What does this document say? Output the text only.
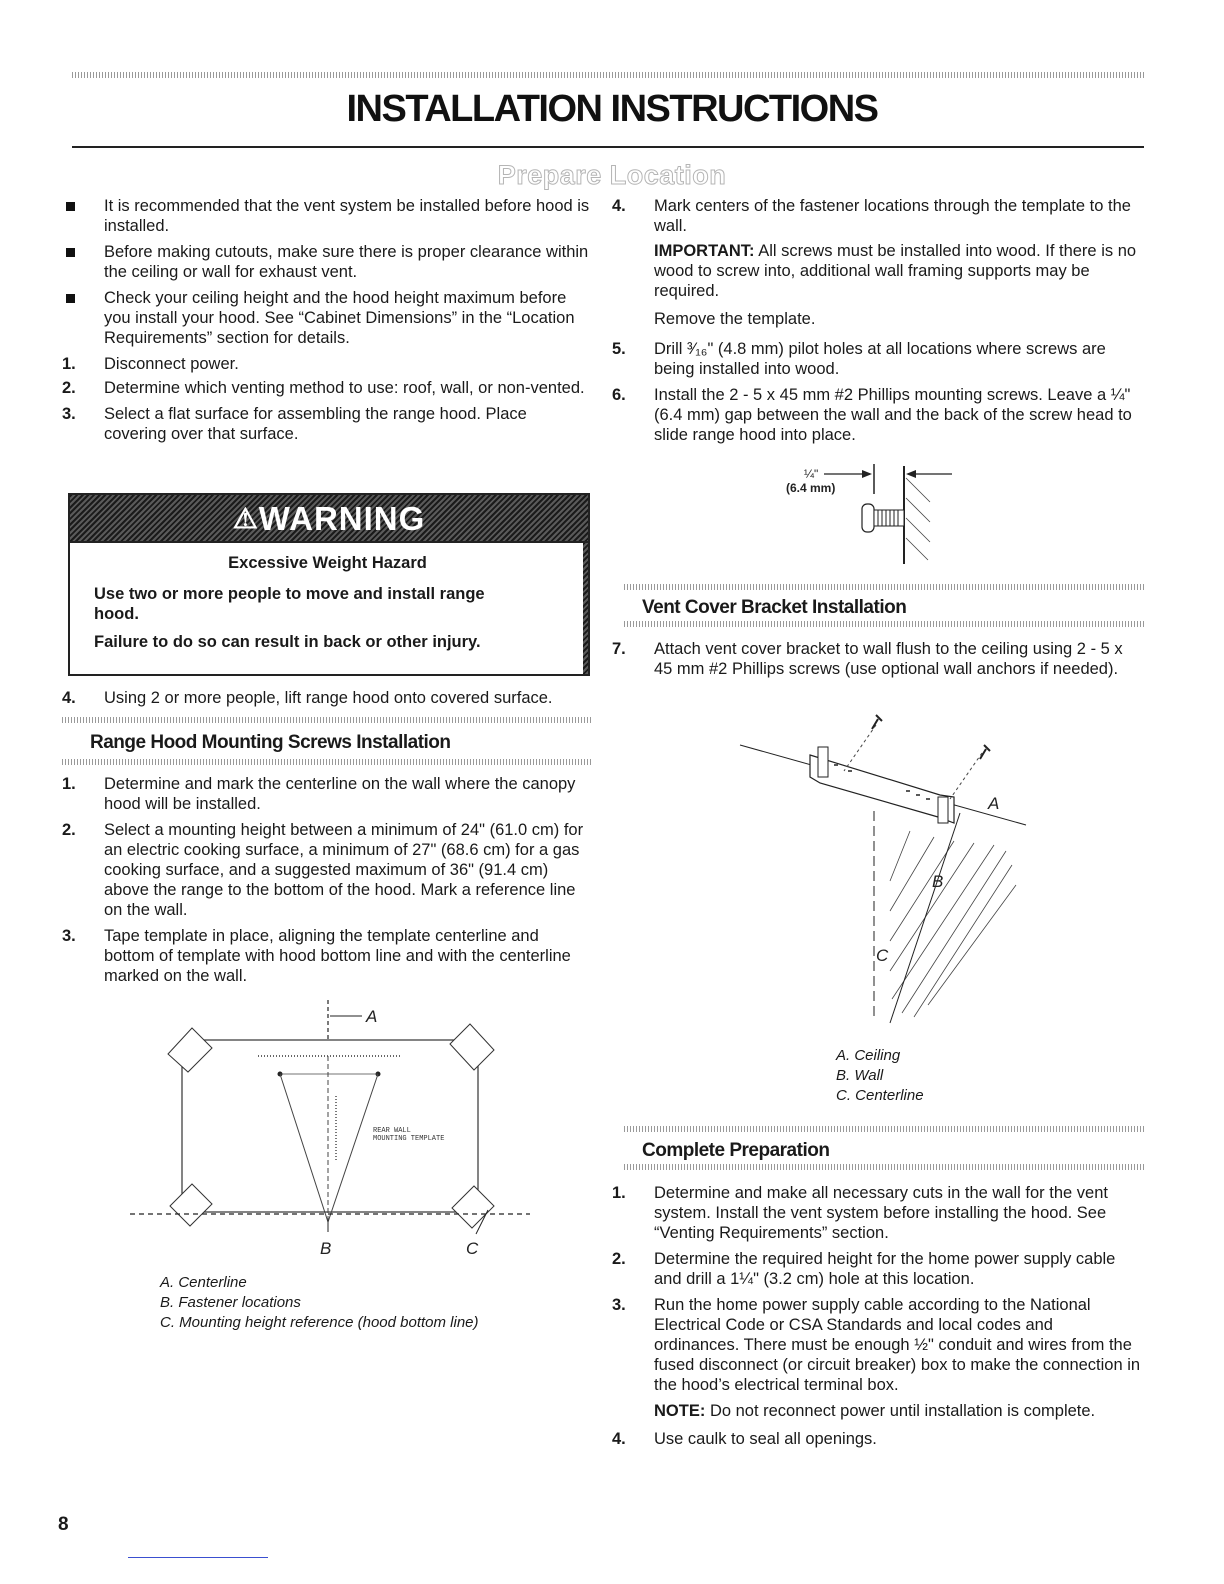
INSTALLATION INSTRUCTIONS
Prepare Location
It is recommended that the vent system be installed before hood is installed.
Before making cutouts, make sure there is proper clearance within the ceiling or wall for exhaust vent.
Check your ceiling height and the hood height maximum before you install your hood. See “Cabinet Dimensions” in the “Location Requirements” section for details.
1.	Disconnect power.
2.	Determine which venting method to use: roof, wall, or non-vented.
3.	Select a flat surface for assembling the range hood. Place covering over that surface.
⚠WARNING
Excessive Weight Hazard

Use two or more people to move and install range hood.

Failure to do so can result in back or other injury.

4.	Using 2 or more people, lift range hood onto covered surface.
Range Hood Mounting Screws Installation
1.	Determine and mark the centerline on the wall where the canopy hood will be installed.
2.	Select a mounting height between a minimum of 24" (61.0 cm) for an electric cooking surface, a minimum of 27" (68.6 cm) for a gas cooking surface, and a suggested maximum of 36" (91.4 cm) above the range to the bottom of the hood. Mark a reference line on the wall.
3.	Tape template in place, aligning the template centerline and bottom of template with hood bottom line and with the centerline marked on the wall.
A
REAR WALL
MOUNTING TEMPLATE
B	C
A. Centerline
B. Fastener locations
C. Mounting height reference (hood bottom line)
4.	Mark centers of the fastener locations through the template to the wall.
IMPORTANT: All screws must be installed into wood. If there is no wood to screw into, additional wall framing supports may be required.
Remove the template.
5.	Drill ³⁄₁₆" (4.8 mm) pilot holes at all locations where screws are being installed into wood.
6.	Install the 2 - 5 x 45 mm #2 Phillips mounting screws. Leave a ¼" (6.4 mm) gap between the wall and the back of the screw head to slide range hood into place.
¼"
(6.4 mm)
Vent Cover Bracket Installation
7.	Attach vent cover bracket to wall flush to the ceiling using 2 - 5 x 45 mm #2 Phillips screws (use optional wall anchors if needed).
A
B
C
A. Ceiling
B. Wall
C. Centerline
Complete Preparation
1.	Determine and make all necessary cuts in the wall for the vent system. Install the vent system before installing the hood. See “Venting Requirements” section.
2.	Determine the required height for the home power supply cable and drill a 1¼" (3.2 cm) hole at this location.
3.	Run the home power supply cable according to the National Electrical Code or CSA Standards and local codes and ordinances. There must be enough ½" conduit and wires from the fused disconnect (or circuit breaker) box to make the connection in the hood’s electrical terminal box.
NOTE: Do not reconnect power until installation is complete.
4.	Use caulk to seal all openings.
8
